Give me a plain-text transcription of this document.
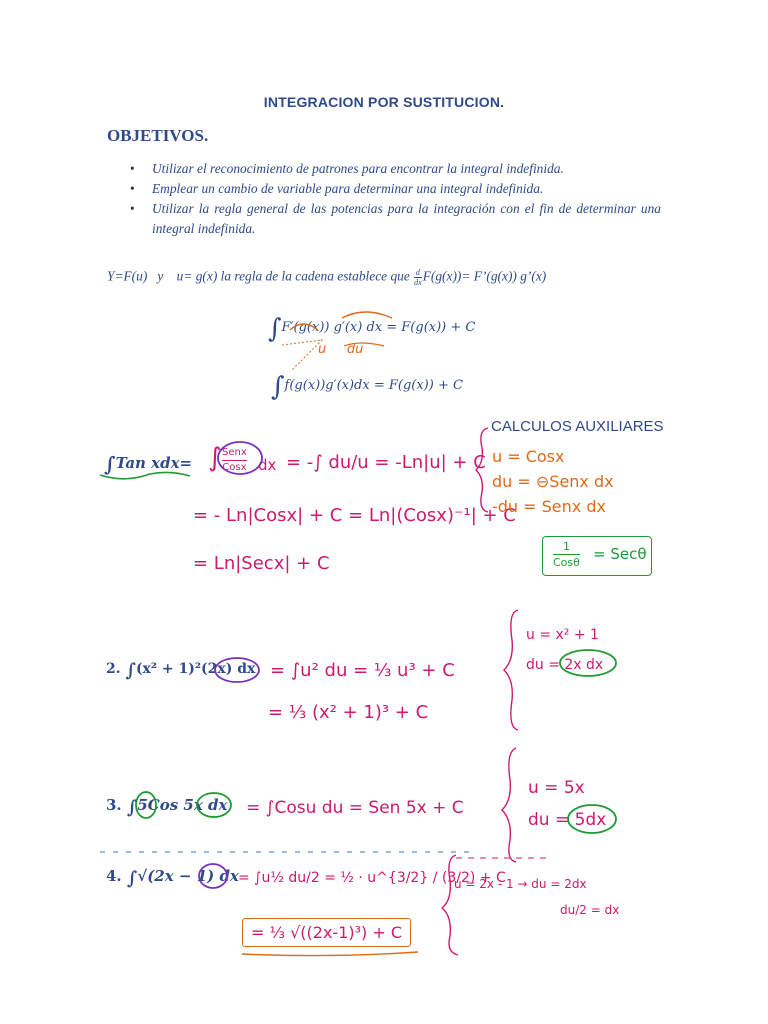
INTEGRACION POR SUSTITUCION.
OBJETIVOS.
• Utilizar el reconocimiento de patrones para encontrar la integral indefinida.
• Emplear un cambio de variable para determinar una integral indefinida.
• Utilizar la regla general de las potencias para la integración con el fin de determinar una integral indefinida.
Y=F(u)   y    u= g(x) la regla de la cadena establece que $\frac{d}{dx} F(g(x))=$ F’(g(x)) g’(x)
∫F′(g(x)) g′(x) dx = F(g(x)) + C
u     du
∫f(g(x))g′(x)dx = F(g(x)) + C
CALCULOS AUXILIARES
∫Tan xdx= ∫ Senx
Cosx dx = -∫ du/u = -Ln|u| + C
= - Ln|Cosx| + C = Ln|(Cosx)⁻¹| + C
= Ln|Secx| + C
u = Cosx
du = ⊖Senx dx
-du = Senx dx
1
Cosθ = Secθ
2. ∫(x² + 1)²(2x) dx = ∫u² du = ⅓ u³ + C
= ⅓ (x² + 1)³ + C
u = x² + 1
du = 2x dx
3. ∫5Cos 5x dx = ∫Cosu du = Sen 5x + C
u = 5x
du = 5dx
4. ∫√(2x − 1) dx = ∫u½ du/2 = ½ · u^{3/2} / (3/2) + C
= ⅓ √((2x-1)³) + C
u = 2x - 1 → du = 2dx
du/2 = dx
